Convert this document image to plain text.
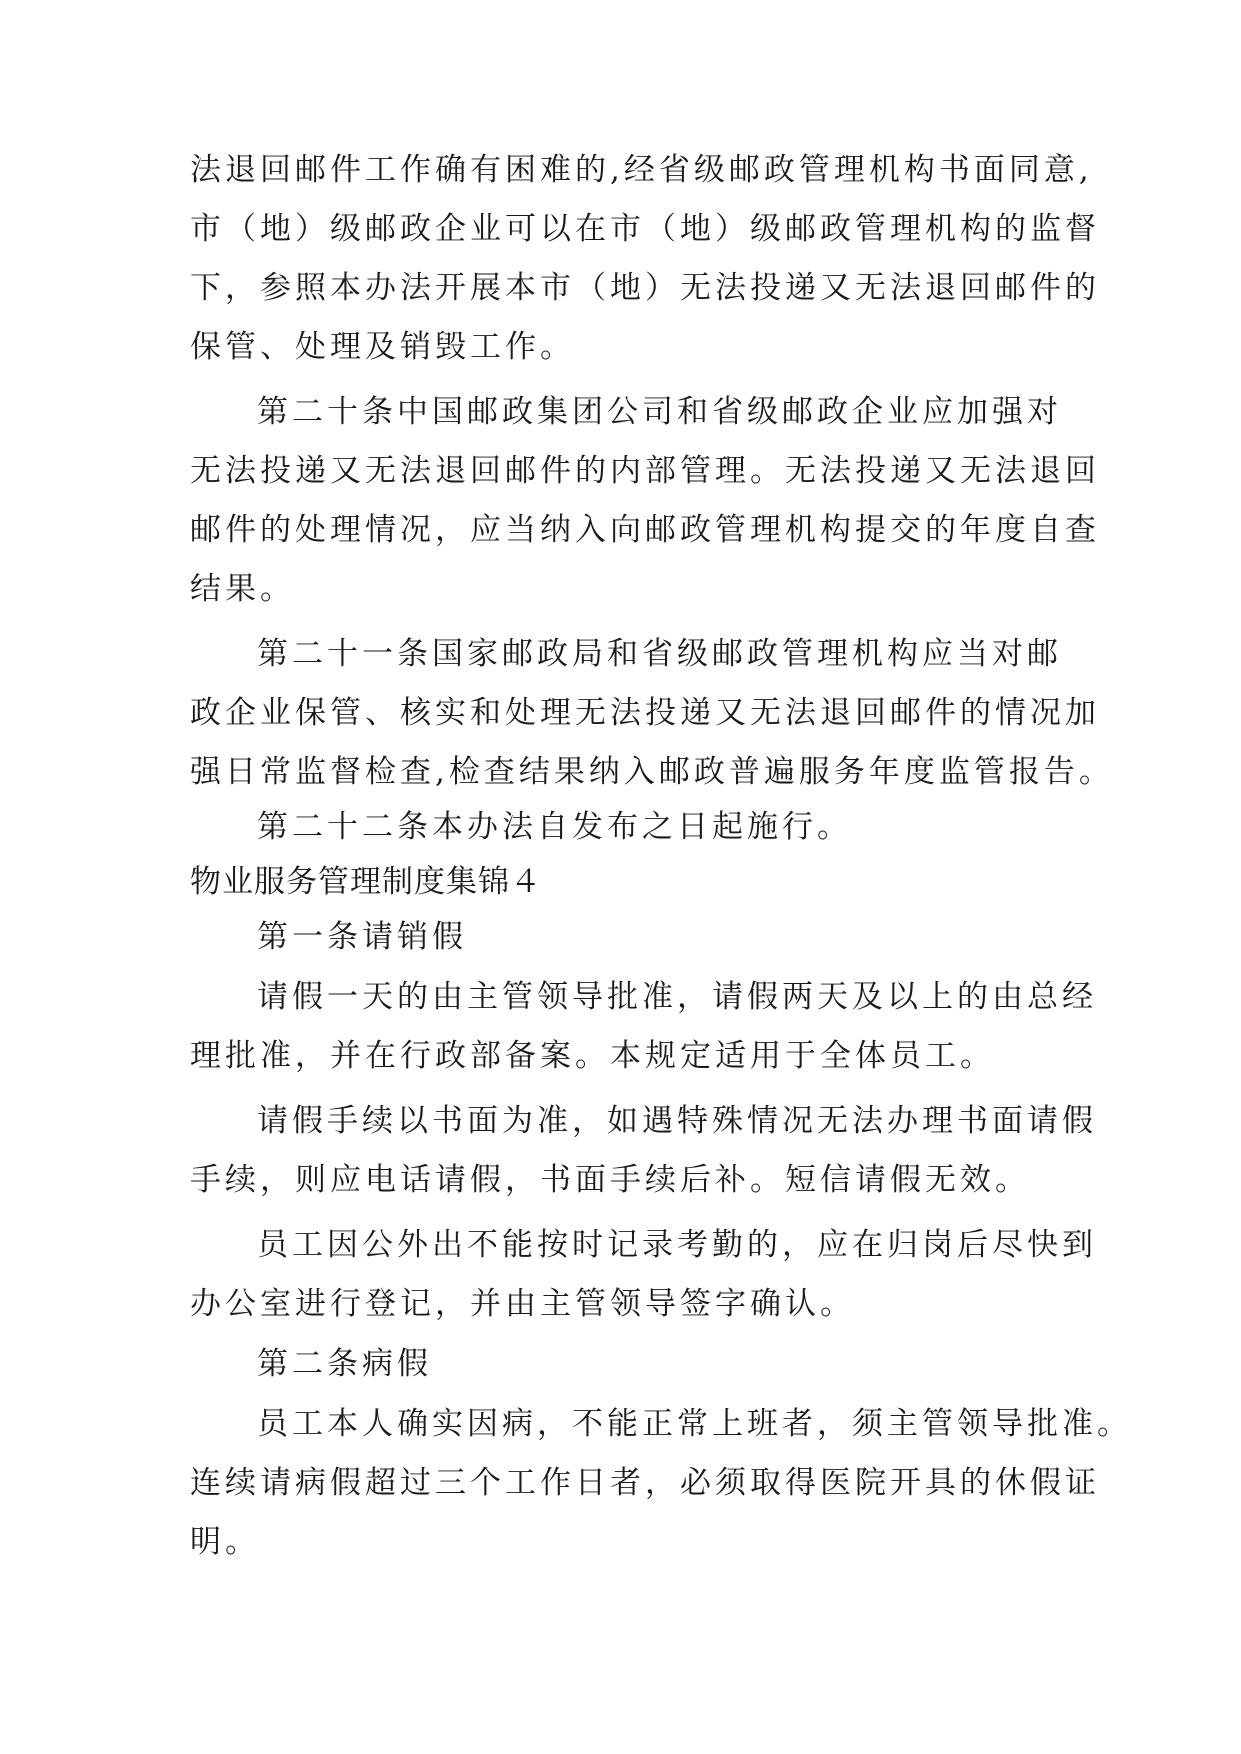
法退回邮件工作确有困难的,经省级邮政管理机构书面同意,
市（地）级邮政企业可以在市（地）级邮政管理机构的监督
下，参照本办法开展本市（地）无法投递又无法退回邮件的
保管、处理及销毁工作。
第二十条中国邮政集团公司和省级邮政企业应加强对
无法投递又无法退回邮件的内部管理。无法投递又无法退回
邮件的处理情况，应当纳入向邮政管理机构提交的年度自查
结果。
第二十一条国家邮政局和省级邮政管理机构应当对邮
政企业保管、核实和处理无法投递又无法退回邮件的情况加
强日常监督检查,检查结果纳入邮政普遍服务年度监管报告。
第二十二条本办法自发布之日起施行。
物业服务管理制度集锦４
第一条请销假
请假一天的由主管领导批准，请假两天及以上的由总经
理批准，并在行政部备案。本规定适用于全体员工。
请假手续以书面为准，如遇特殊情况无法办理书面请假
手续，则应电话请假，书面手续后补。短信请假无效。
员工因公外出不能按时记录考勤的，应在归岗后尽快到
办公室进行登记，并由主管领导签字确认。
第二条病假
员工本人确实因病，不能正常上班者，须主管领导批准。
连续请病假超过三个工作日者，必须取得医院开具的休假证
明。
